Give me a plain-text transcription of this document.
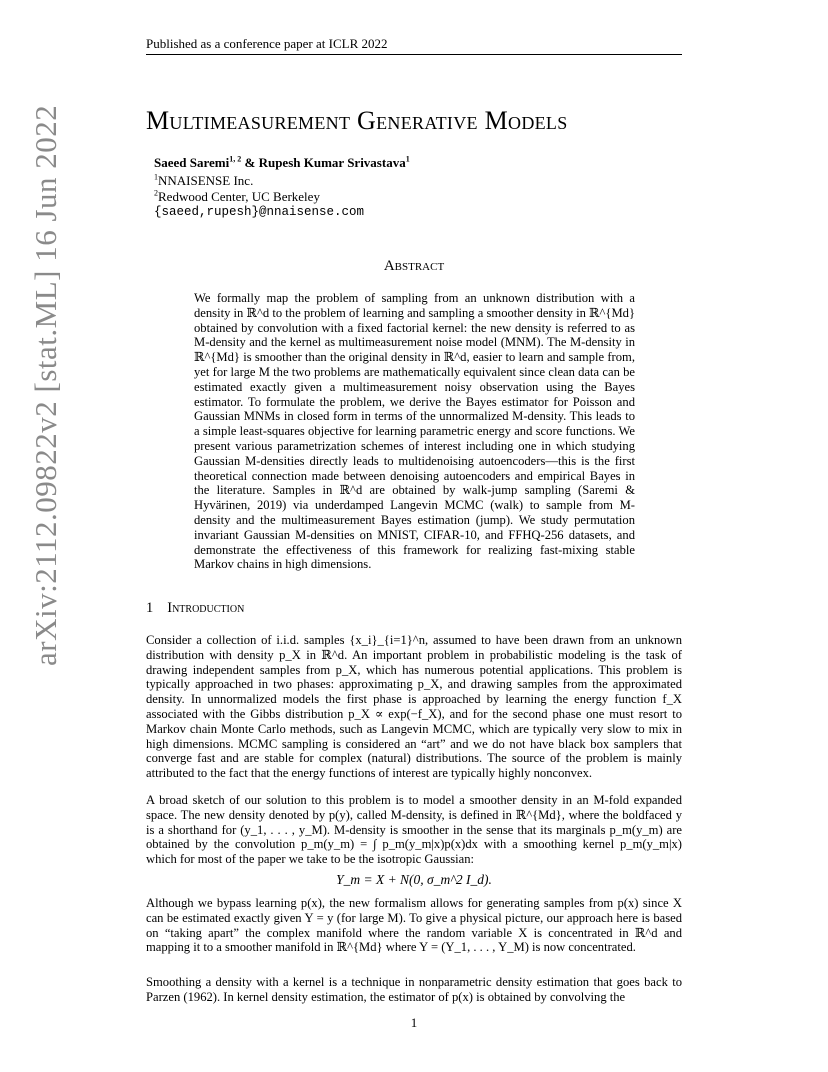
Published as a conference paper at ICLR 2022
arXiv:2112.09822v2 [stat.ML] 16 Jun 2022	Multimeasurement Generative Models
Saeed Saremi$^{1, 2}$ & Rupesh Kumar Srivastava$^1$
$^1$NNAISENSE Inc.
$^2$Redwood Center, UC Berkeley
{saeed,rupesh}@nnaisense.com
Abstract
We formally map the problem of sampling from an unknown distribution with a density in ℝ^d to the problem of learning and sampling a smoother density in ℝ^{Md} obtained by convolution with a fixed factorial kernel: the new density is referred to as M-density and the kernel as multimeasurement noise model (MNM). The M-density in ℝ^{Md} is smoother than the original density in ℝ^d, easier to learn and sample from, yet for large M the two problems are mathematically equivalent since clean data can be estimated exactly given a multimeasurement noisy observation using the Bayes estimator. To formulate the problem, we derive the Bayes estimator for Poisson and Gaussian MNMs in closed form in terms of the unnormalized M-density. This leads to a simple least-squares objective for learning parametric energy and score functions. We present various parametrization schemes of interest including one in which studying Gaussian M-densities directly leads to multidenoising autoencoders—this is the first theoretical connection made between denoising autoencoders and empirical Bayes in the literature. Samples in ℝ^d are obtained by walk-jump sampling (Saremi & Hyvärinen, 2019) via underdamped Langevin MCMC (walk) to sample from M-density and the multimeasurement Bayes estimation (jump). We study permutation invariant Gaussian M-densities on MNIST, CIFAR-10, and FFHQ-256 datasets, and demonstrate the effectiveness of this framework for realizing fast-mixing stable Markov chains in high dimensions.
1 Introduction
Consider a collection of i.i.d. samples {x_i}_{i=1}^n, assumed to have been drawn from an unknown distribution with density p_X in ℝ^d. An important problem in probabilistic modeling is the task of drawing independent samples from p_X, which has numerous potential applications. This problem is typically approached in two phases: approximating p_X, and drawing samples from the approximated density. In unnormalized models the first phase is approached by learning the energy function f_X associated with the Gibbs distribution p_X ∝ exp(−f_X), and for the second phase one must resort to Markov chain Monte Carlo methods, such as Langevin MCMC, which are typically very slow to mix in high dimensions. MCMC sampling is considered an “art” and we do not have black box samplers that converge fast and are stable for complex (natural) distributions. The source of the problem is mainly attributed to the fact that the energy functions of interest are typically highly nonconvex.
A broad sketch of our solution to this problem is to model a smoother density in an M-fold expanded space. The new density denoted by p(y), called M-density, is defined in ℝ^{Md}, where the boldfaced y is a shorthand for (y_1, . . . , y_M). M-density is smoother in the sense that its marginals p_m(y_m) are obtained by the convolution p_m(y_m) = ∫ p_m(y_m|x)p(x)dx with a smoothing kernel p_m(y_m|x) which for most of the paper we take to be the isotropic Gaussian:
Y_m = X + N(0, σ_m^2 I_d).
Although we bypass learning p(x), the new formalism allows for generating samples from p(x) since X can be estimated exactly given Y = y (for large M). To give a physical picture, our approach here is based on “taking apart” the complex manifold where the random variable X is concentrated in ℝ^d and mapping it to a smoother manifold in ℝ^{Md} where Y = (Y_1, . . . , Y_M) is now concentrated.
Smoothing a density with a kernel is a technique in nonparametric density estimation that goes back to Parzen (1962). In kernel density estimation, the estimator of p(x) is obtained by convolving the
1
